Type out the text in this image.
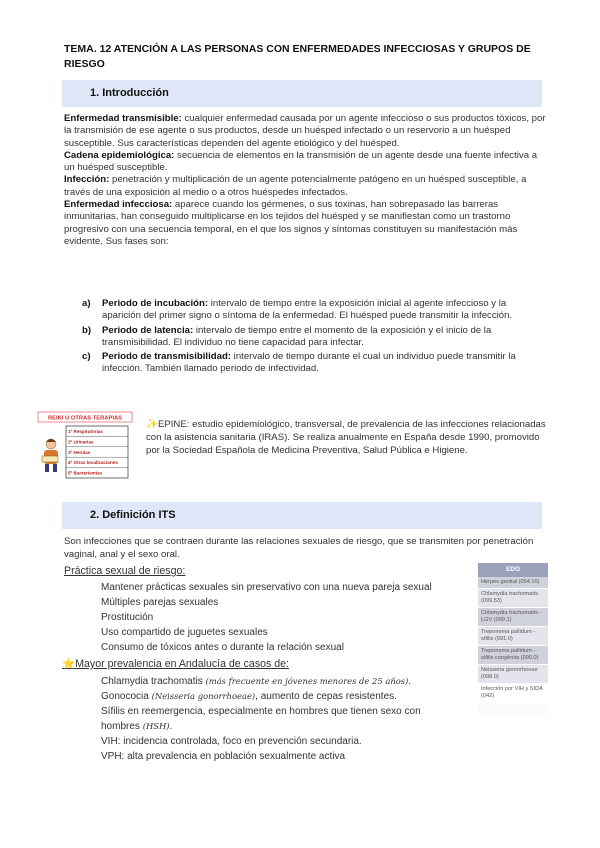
TEMA. 12 ATENCIÓN A LAS PERSONAS CON ENFERMEDADES INFECCIOSAS Y GRUPOS DE RIESGO
1. Introducción
Enfermedad transmisible: cualquier enfermedad causada por un agente infeccioso o sus productos tóxicos, por la transmisión de ese agente o sus productos, desde un huésped infectado o un reservorio a un huésped susceptible. Sus características dependen del agente etiológico y del huésped.
Cadena epidemiológica: secuencia de elementos en la transmisión de un agente desde una fuente infectiva a un huésped susceptible.
Infección: penetración y multiplicación de un agente potencialmente patógeno en un huésped susceptible, a través de una exposición al medio o a otros huéspedes infectados.
Enfermedad infecciosa: aparece cuando los gérmenes, o sus toxinas, han sobrepasado las barreras inmunitarias, han conseguido multiplicarse en los tejidos del huésped y se manifiestan como un trastorno progresivo con una secuencia temporal, en el que los signos y síntomas constituyen su manifestación más evidente. Sus fases son:
a) Periodo de incubación: intervalo de tiempo entre la exposición inicial al agente infeccioso y la aparición del primer signo o síntoma de la enfermedad. El huésped puede transmitir la infección.
b) Periodo de latencia: intervalo de tiempo entre el momento de la exposición y el inicio de la transmisibilidad. El individuo no tiene capacidad para infectar.
c) Periodo de transmisibilidad: intervalo de tiempo durante el cual un individuo puede transmitir la infección. También llamado periodo de infectividad.
REIKI U OTRAS TERAPIAS
1º Respiratorias
2º Urinarias
3º Heridas
4º Otras localizaciones
5º Bacteriemias
✨EPINE: estudio epidemiológico, transversal, de prevalencia de las infecciones relacionadas con la asistencia sanitaria (IRAS). Se realiza anualmente en España desde 1990, promovido por la Sociedad Española de Medicina Preventiva, Salud Pública e Higiene.
2. Definición ITS
Son infecciones que se contraen durante las relaciones sexuales de riesgo, que se transmiten por penetración vaginal, anal y el sexo oral.
Práctica sexual de riesgo:
Mantener prácticas sexuales sin preservativo con una nueva pareja sexual
Múltiples parejas sexuales
Prostitución
Uso compartido de juguetes sexuales
Consumo de tóxicos antes o durante la relación sexual
⭐Mayor prevalencia en Andalucía de casos de:
Chlamydia trachomatis (más frecuente en jóvenes menores de 25 años).
Gonococia (Neisseria gonorrhoeae), aumento de cepas resistentes.
Sífilis en reemergencia, especialmente en hombres que tienen sexo con
hombres (HSH).
VIH: incidencia controlada, foco en prevención secundaria.
VPH: alta prevalencia en población sexualmente activa
EDO
Herpes genital (054.10)
Chlamydia trachomatis (099.53)
Chlamydia trachomatis - LGV (099.1)
Treponema pallidum - sífilis (091.0)
Treponema pallidum - sífilis congénita (090.0)
Neisseria gonorrhoeae (098.0)
Infección por VIH y SIDA (042)
